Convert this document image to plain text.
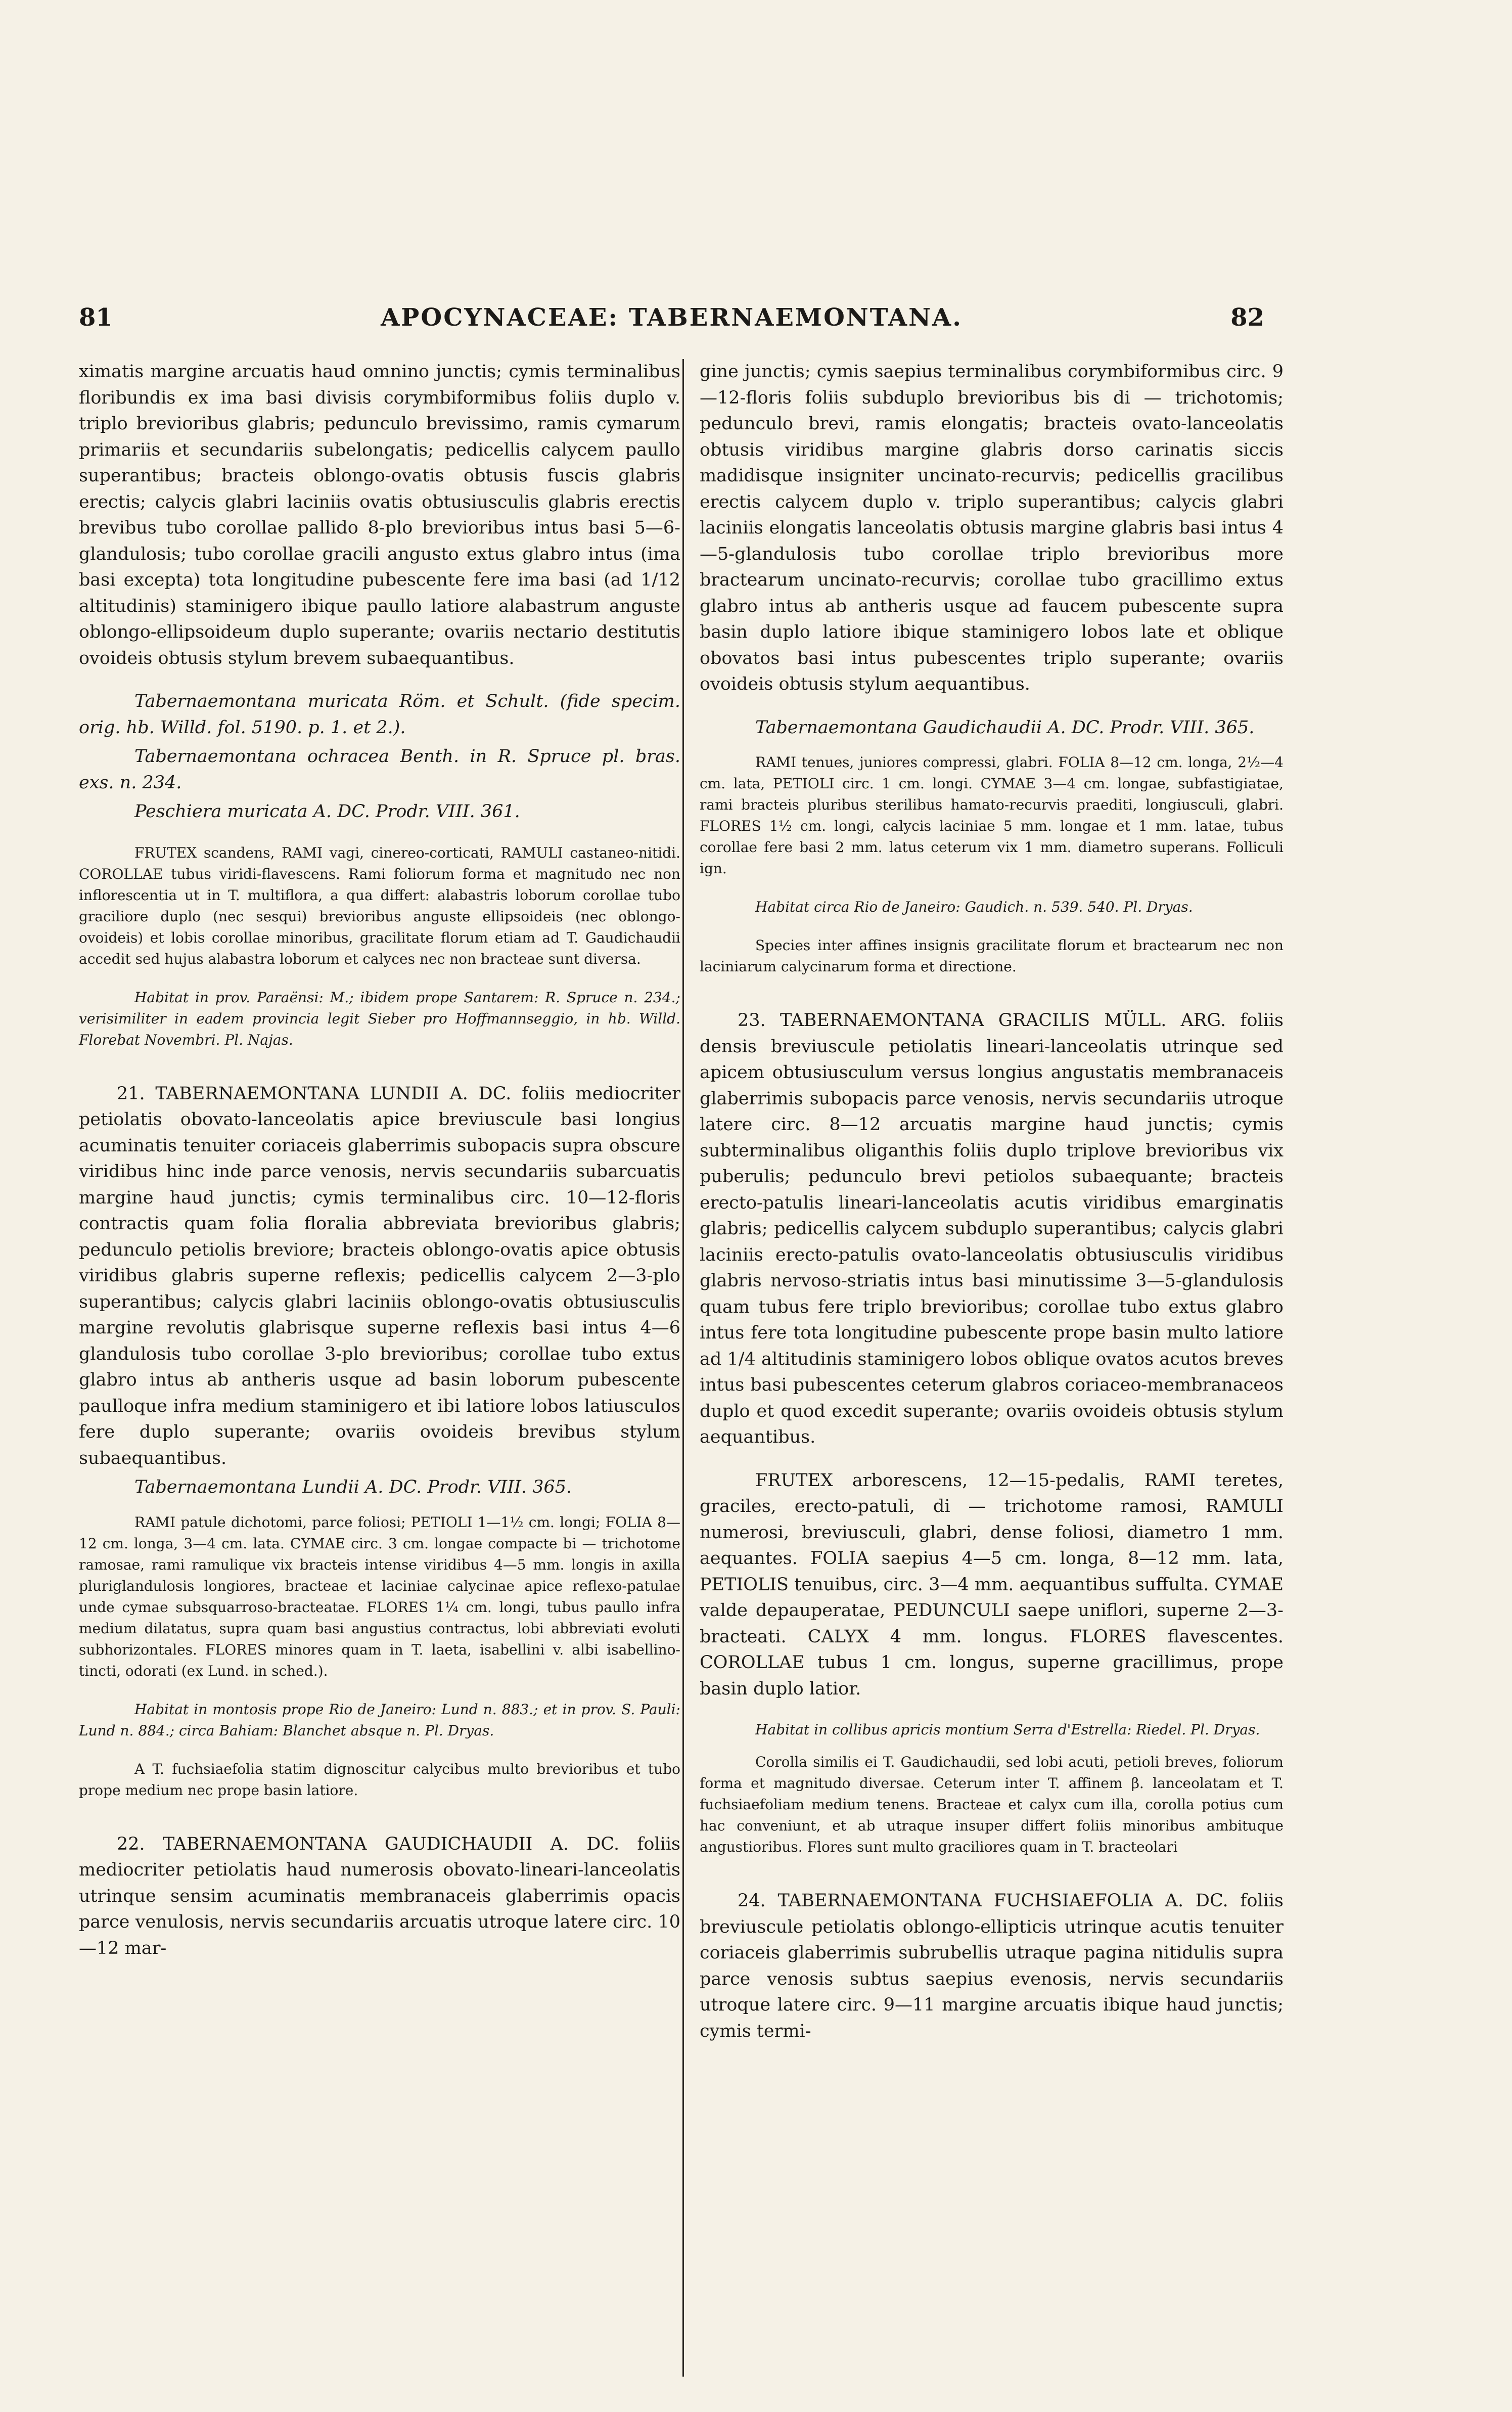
81	APOCYNACEAE: TABERNAEMONTANA.	82

ximatis margine arcuatis haud omnino junctis; cymis terminalibus floribundis ex ima basi divisis corymbiformibus foliis duplo v. triplo brevioribus glabris; pedunculo brevissimo, ramis cymarum primariis et secundariis subelongatis; pedicellis calycem paullo superantibus; bracteis oblongo-ovatis obtusis fuscis glabris erectis; calycis glabri laciniis ovatis obtusiusculis glabris erectis brevibus tubo corollae pallido 8-plo brevioribus intus basi 5—6-glandulosis; tubo corollae gracili angusto extus glabro intus (ima basi excepta) tota longitudine pubescente fere ima basi (ad 1/12 altitudinis) staminigero ibique paullo latiore alabastrum anguste oblongo-ellipsoideum duplo superante; ovariis nectario destitutis ovoideis obtusis stylum brevem subaequantibus.

Tabernaemontana muricata Röm. et Schult. (fide specim. orig. hb. Willd. fol. 5190. p. 1. et 2.).

Tabernaemontana ochracea Benth. in R. Spruce pl. bras. exs. n. 234.

Peschiera muricata A. DC. Prodr. VIII. 361.

FRUTEX scandens, RAMI vagi, cinereo-corticati, RAMULI castaneo-nitidi. COROLLAE tubus viridi-flavescens. Rami foliorum forma et magnitudo nec non inflorescentia ut in T. multiflora, a qua differt: alabastris loborum corollae tubo graciliore duplo (nec sesqui) brevioribus anguste ellipsoideis (nec oblongo-ovoideis) et lobis corollae minoribus, gracilitate florum etiam ad T. Gaudichaudii accedit sed hujus alabastra loborum et calyces nec non bracteae sunt diversa.

Habitat in prov. Paraënsi: M.; ibidem prope Santarem: R. Spruce n. 234.; verisimiliter in eadem provincia legit Sieber pro Hoffmannseggio, in hb. Willd. Florebat Novembri. Pl. Najas.

21. TABERNAEMONTANA LUNDII A. DC. foliis mediocriter petiolatis obovato-lanceolatis apice breviuscule basi longius acuminatis tenuiter coriaceis glaberrimis subopacis supra obscure viridibus hinc inde parce venosis, nervis secundariis subarcuatis margine haud junctis; cymis terminalibus circ. 10—12-floris contractis quam folia floralia abbreviata brevioribus glabris; pedunculo petiolis breviore; bracteis oblongo-ovatis apice obtusis viridibus glabris superne reflexis; pedicellis calycem 2—3-plo superantibus; calycis glabri laciniis oblongo-ovatis obtusiusculis margine revolutis glabrisque superne reflexis basi intus 4—6 glandulosis tubo corollae 3-plo brevioribus; corollae tubo extus glabro intus ab antheris usque ad basin loborum pubescente paulloque infra medium staminigero et ibi latiore lobos latiusculos fere duplo superante; ovariis ovoideis brevibus stylum subaequantibus.

Tabernaemontana Lundii A. DC. Prodr. VIII. 365.

RAMI patule dichotomi, parce foliosi; PETIOLI 1—1½ cm. longi; FOLIA 8—12 cm. longa, 3—4 cm. lata. CYMAE circ. 3 cm. longae compacte bi — trichotome ramosae, rami ramulique vix bracteis intense viridibus 4—5 mm. longis in axilla pluriglandulosis longiores, bracteae et laciniae calycinae apice reflexo-patulae unde cymae subsquarroso-bracteatae. FLORES 1¼ cm. longi, tubus paullo infra medium dilatatus, supra quam basi angustius contractus, lobi abbreviati evoluti subhorizontales. FLORES minores quam in T. laeta, isabellini v. albi isabellino-tincti, odorati (ex Lund. in sched.).

Habitat in montosis prope Rio de Janeiro: Lund n. 883.; et in prov. S. Pauli: Lund n. 884.; circa Bahiam: Blanchet absque n. Pl. Dryas.

A T. fuchsiaefolia statim dignoscitur calycibus multo brevioribus et tubo prope medium nec prope basin latiore.

22. TABERNAEMONTANA GAUDICHAUDII A. DC. foliis mediocriter petiolatis haud numerosis obovato-lineari-lanceolatis utrinque sensim acuminatis membranaceis glaberrimis opacis parce venulosis, nervis secundariis arcuatis utroque latere circ. 10—12 mar-

gine junctis; cymis saepius terminalibus corymbiformibus circ. 9—12-floris foliis subduplo brevioribus bis di — trichotomis; pedunculo brevi, ramis elongatis; bracteis ovato-lanceolatis obtusis viridibus margine glabris dorso carinatis siccis madidisque insigniter uncinato-recurvis; pedicellis gracilibus erectis calycem duplo v. triplo superantibus; calycis glabri laciniis elongatis lanceolatis obtusis margine glabris basi intus 4—5-glandulosis tubo corollae triplo brevioribus more bractearum uncinato-recurvis; corollae tubo gracillimo extus glabro intus ab antheris usque ad faucem pubescente supra basin duplo latiore ibique staminigero lobos late et oblique obovatos basi intus pubescentes triplo superante; ovariis ovoideis obtusis stylum aequantibus.

Tabernaemontana Gaudichaudii A. DC. Prodr. VIII. 365.

RAMI tenues, juniores compressi, glabri. FOLIA 8—12 cm. longa, 2½—4 cm. lata, PETIOLI circ. 1 cm. longi. CYMAE 3—4 cm. longae, subfastigiatae, rami bracteis pluribus sterilibus hamato-recurvis praediti, longiusculi, glabri. FLORES 1½ cm. longi, calycis laciniae 5 mm. longae et 1 mm. latae, tubus corollae fere basi 2 mm. latus ceterum vix 1 mm. diametro superans. Folliculi ign.

Habitat circa Rio de Janeiro: Gaudich. n. 539. 540. Pl. Dryas.

Species inter affines insignis gracilitate florum et bractearum nec non laciniarum calycinarum forma et directione.

23. TABERNAEMONTANA GRACILIS MÜLL. ARG. foliis densis breviuscule petiolatis lineari-lanceolatis utrinque sed apicem obtusiusculum versus longius angustatis membranaceis glaberrimis subopacis parce venosis, nervis secundariis utroque latere circ. 8—12 arcuatis margine haud junctis; cymis subterminalibus oliganthis foliis duplo triplove brevioribus vix puberulis; pedunculo brevi petiolos subaequante; bracteis erecto-patulis lineari-lanceolatis acutis viridibus emarginatis glabris; pedicellis calycem subduplo superantibus; calycis glabri laciniis erecto-patulis ovato-lanceolatis obtusiusculis viridibus glabris nervoso-striatis intus basi minutissime 3—5-glandulosis quam tubus fere triplo brevioribus; corollae tubo extus glabro intus fere tota longitudine pubescente prope basin multo latiore ad 1/4 altitudinis staminigero lobos oblique ovatos acutos breves intus basi pubescentes ceterum glabros coriaceo-membranaceos duplo et quod excedit superante; ovariis ovoideis obtusis stylum aequantibus.

FRUTEX arborescens, 12—15-pedalis, RAMI teretes, graciles, erecto-patuli, di — trichotome ramosi, RAMULI numerosi, breviusculi, glabri, dense foliosi, diametro 1 mm. aequantes. FOLIA saepius 4—5 cm. longa, 8—12 mm. lata, PETIOLIS tenuibus, circ. 3—4 mm. aequantibus suffulta. CYMAE valde depauperatae, PEDUNCULI saepe uniflori, superne 2—3-bracteati. CALYX 4 mm. longus. FLORES flavescentes. COROLLAE tubus 1 cm. longus, superne gracillimus, prope basin duplo latior.

Habitat in collibus apricis montium Serra d'Estrella: Riedel. Pl. Dryas.

Corolla similis ei T. Gaudichaudii, sed lobi acuti, petioli breves, foliorum forma et magnitudo diversae. Ceterum inter T. affinem β. lanceolatam et T. fuchsiaefoliam medium tenens. Bracteae et calyx cum illa, corolla potius cum hac conveniunt, et ab utraque insuper differt foliis minoribus ambituque angustioribus. Flores sunt multo graciliores quam in T. bracteolari

24. TABERNAEMONTANA FUCHSIAEFOLIA A. DC. foliis breviuscule petiolatis oblongo-ellipticis utrinque acutis tenuiter coriaceis glaberrimis subrubellis utraque pagina nitidulis supra parce venosis subtus saepius evenosis, nervis secundariis utroque latere circ. 9—11 margine arcuatis ibique haud junctis; cymis termi-
